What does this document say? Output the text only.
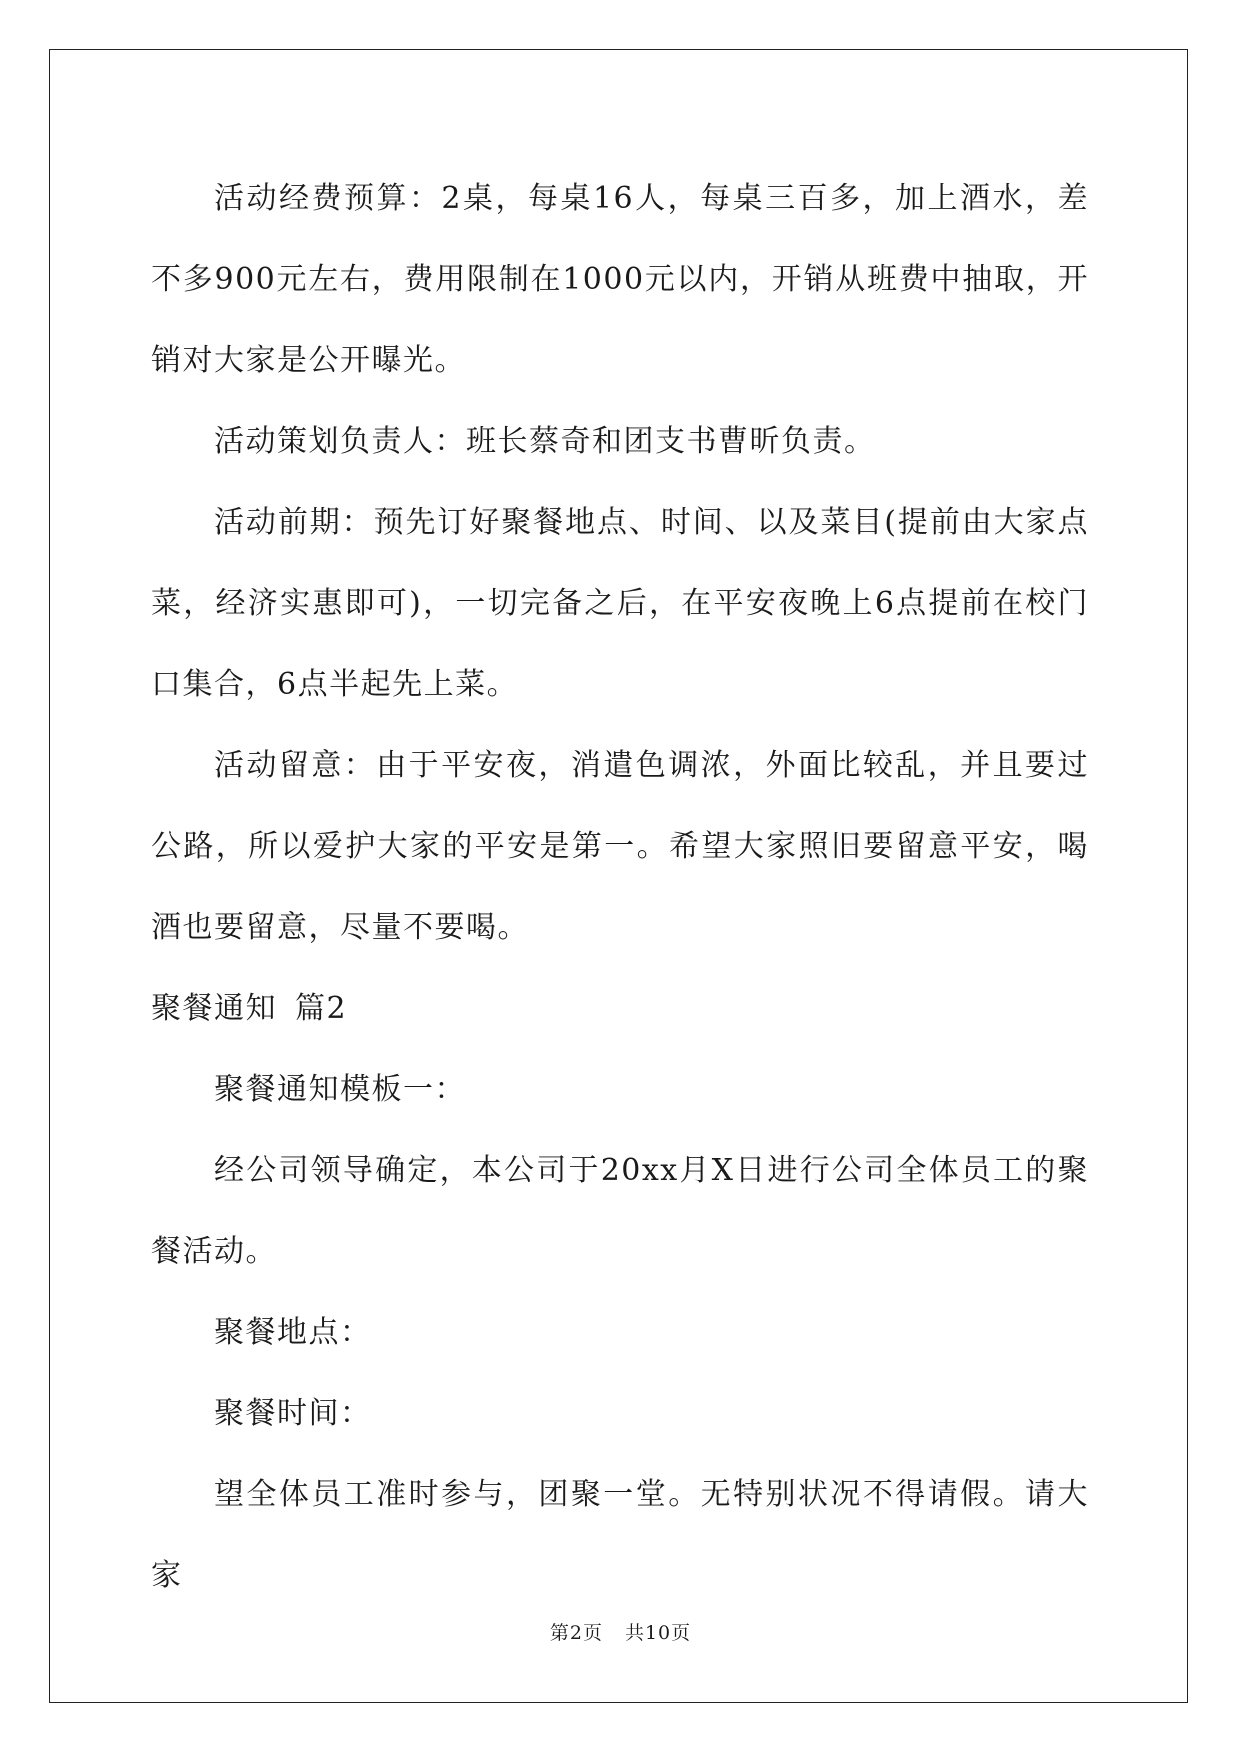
活动经费预算：2桌，每桌16人，每桌三百多，加上酒水，差不多900元左右，费用限制在1000元以内，开销从班费中抽取，开销对大家是公开曝光。

活动策划负责人：班长蔡奇和团支书曹昕负责。

活动前期：预先订好聚餐地点、时间、以及菜目(提前由大家点菜，经济实惠即可)，一切完备之后，在平安夜晚上6点提前在校门口集合，6点半起先上菜。

活动留意：由于平安夜，消遣色调浓，外面比较乱，并且要过公路，所以爱护大家的平安是第一。希望大家照旧要留意平安，喝酒也要留意，尽量不要喝。

聚餐通知 篇2

聚餐通知模板一：

经公司领导确定，本公司于20xx月X日进行公司全体员工的聚餐活动。

聚餐地点：

聚餐时间：

望全体员工准时参与，团聚一堂。无特别状况不得请假。请大家

第2页 共10页
